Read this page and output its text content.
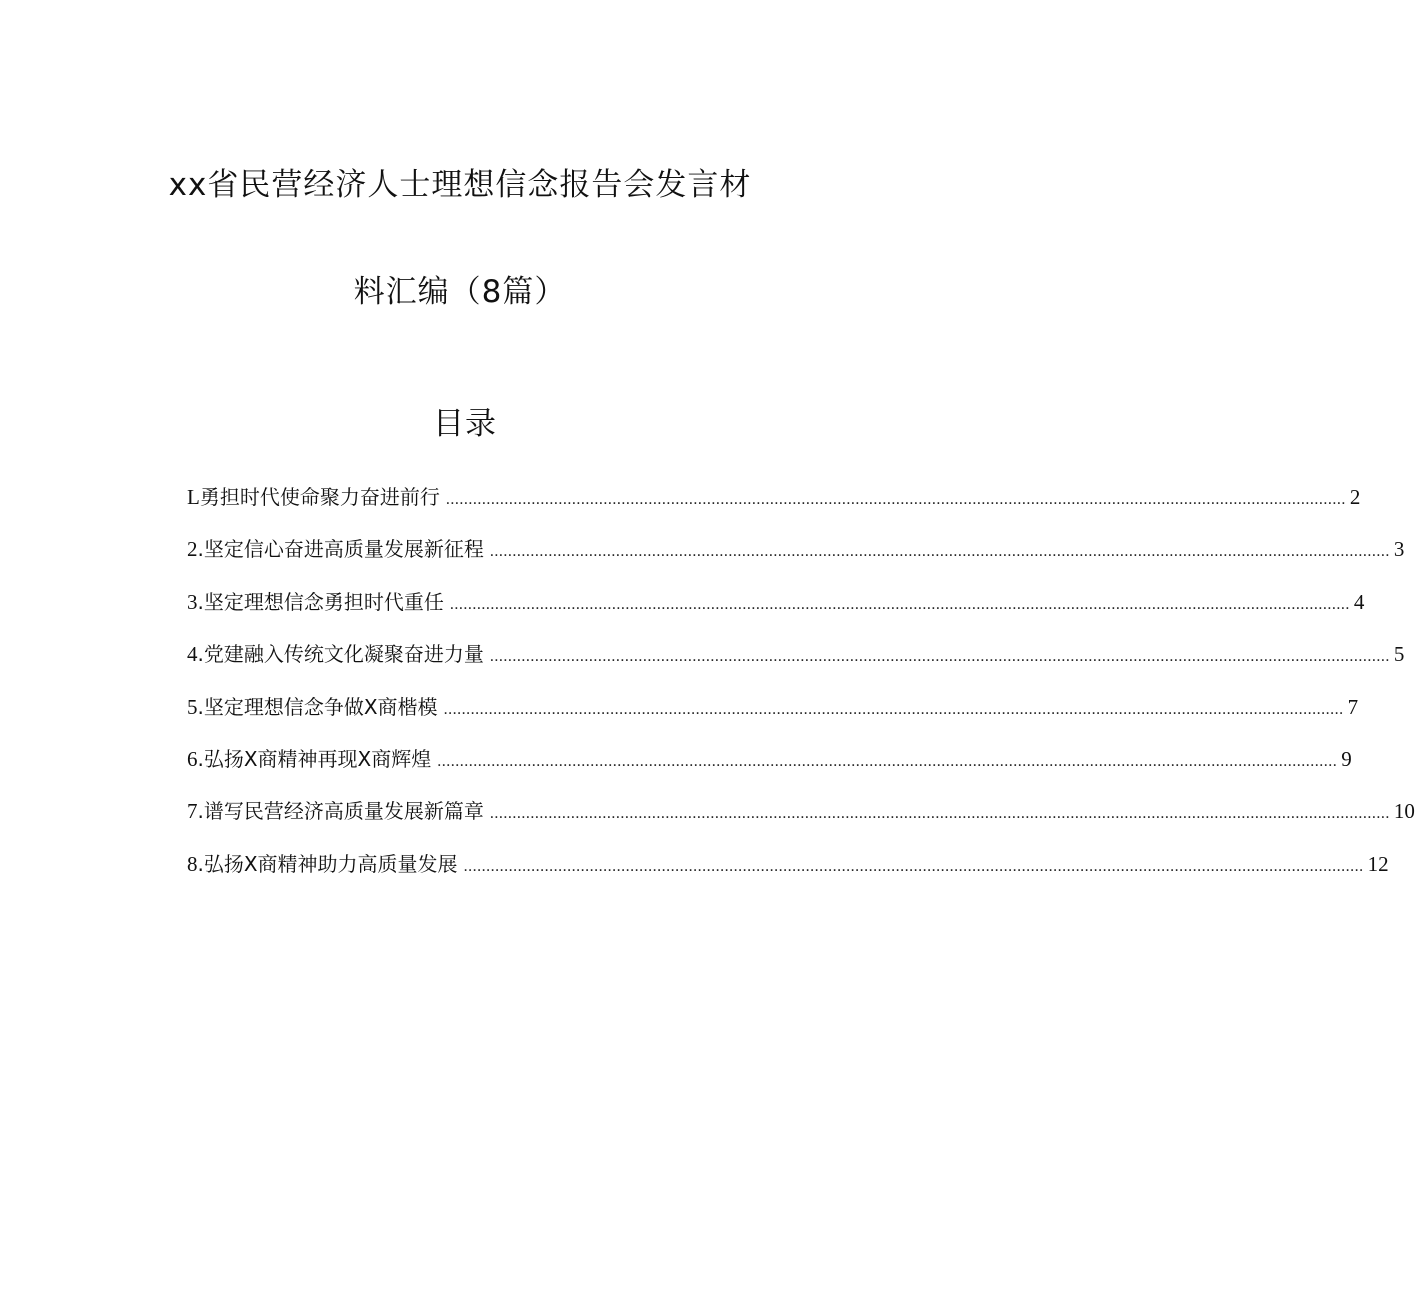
xx省民营经济人士理想信念报告会发言材
料汇编（8篇）
目录
L 勇担时代使命聚力奋进前行 ........................................................................................................................................................................................................ 2
2 .坚定信心奋进高质量发展新征程 ........................................................................................................................................................................................................ 3
3 .坚定理想信念勇担时代重任 ........................................................................................................................................................................................................ 4
4 .党建融入传统文化凝聚奋进力量 ........................................................................................................................................................................................................ 5
5 .坚定理想信念争做X商楷模 ........................................................................................................................................................................................................ 7
6 .弘扬X商精神再现X商辉煌 ........................................................................................................................................................................................................ 9
7 .谱写民营经济高质量发展新篇章 ........................................................................................................................................................................................................ 10
8 .弘扬X商精神助力高质量发展 ........................................................................................................................................................................................................ 12
